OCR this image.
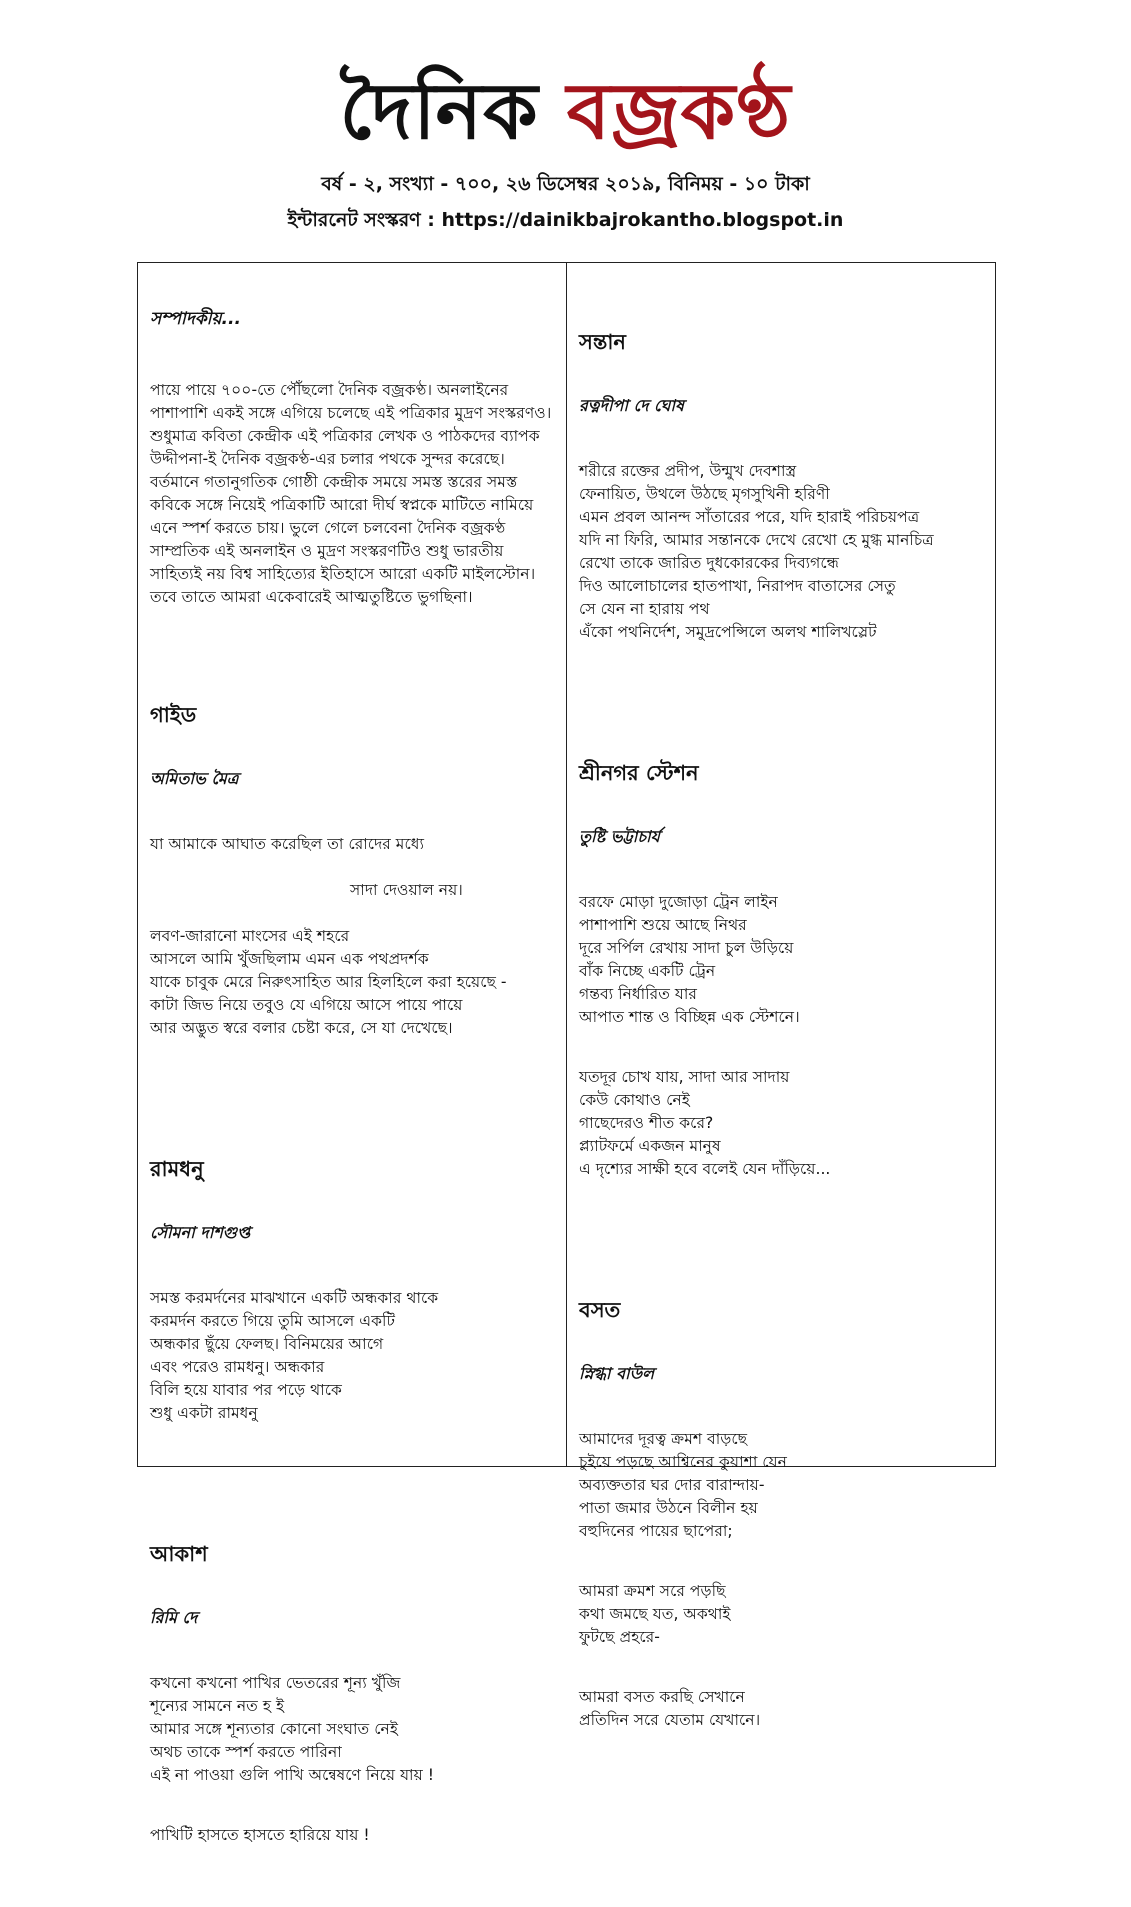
দৈনিক বজ্রকণ্ঠ
বর্ষ - ২, সংখ্যা - ৭০০, ২৬ ডিসেম্বর ২০১৯, বিনিময় - ১০ টাকা
ইন্টারনেট সংস্করণ : https://dainikbajrokantho.blogspot.in

সম্পাদকীয়...

পায়ে পায়ে ৭০০-তে পৌঁছলো দৈনিক বজ্রকণ্ঠ। অনলাইনের পাশাপাশি একই সঙ্গে এগিয়ে চলেছে এই পত্রিকার মুদ্রণ সংস্করণও। শুধুমাত্র কবিতা কেন্দ্রীক এই পত্রিকার লেখক ও পাঠকদের ব্যাপক উদ্দীপনা-ই দৈনিক বজ্রকণ্ঠ-এর চলার পথকে সুন্দর করেছে। বর্তমানে গতানুগতিক গোষ্ঠী কেন্দ্রীক সময়ে সমস্ত স্তরের সমস্ত কবিকে সঙ্গে নিয়েই পত্রিকাটি আরো দীর্ঘ স্বপ্নকে মাটিতে নামিয়ে এনে স্পর্শ করতে চায়। ভুলে গেলে চলবেনা দৈনিক বজ্রকণ্ঠ সাম্প্রতিক এই অনলাইন ও মুদ্রণ সংস্করণটিও শুধু ভারতীয় সাহিত্যই নয় বিশ্ব সাহিত্যের ইতিহাসে আরো একটি মাইলস্টোন। তবে তাতে আমরা একেবারেই আত্মতুষ্টিতে ভুগছিনা।

গাইড

অমিতাভ মৈত্র

যা আমাকে আঘাত করেছিল তা রোদের মধ্যে

সাদা দেওয়াল নয়।

লবণ-জারানো মাংসের এই শহরে
আসলে আমি খুঁজছিলাম এমন এক পথপ্রদর্শক
যাকে চাবুক মেরে নিরুৎসাহিত আর হিলহিলে করা হয়েছে -
কাটা জিভ নিয়ে তবুও যে এগিয়ে আসে পায়ে পায়ে
আর অদ্ভুত স্বরে বলার চেষ্টা করে, সে যা দেখেছে।

রামধনু

সৌমনা দাশগুপ্ত

সমস্ত করমর্দনের মাঝখানে একটি অন্ধকার থাকে
করমর্দন করতে গিয়ে তুমি আসলে একটি
অন্ধকার ছুঁয়ে ফেলছ। বিনিময়ের আগে
এবং পরেও রামধনু। অন্ধকার
বিলি হয়ে যাবার পর পড়ে থাকে
শুধু একটা রামধনু

আকাশ

রিমি দে

কখনো কখনো পাখির ভেতরের শূন্য খুঁজি
শূন্যের সামনে নত হ ই
আমার সঙ্গে শূন্যতার কোনো সংঘাত নেই
অথচ তাকে স্পর্শ করতে পারিনা
এই না পাওয়া গুলি পাখি অন্বেষণে নিয়ে যায় !

পাখিটি হাসতে হাসতে হারিয়ে যায় !

সন্তান

রত্নদীপা দে ঘোষ

শরীরে রক্তের প্রদীপ, উন্মুখ দেবশাস্ত্র
ফেনায়িত, উথলে উঠছে মৃগসুখিনী হরিণী
এমন প্রবল আনন্দ সাঁতারের পরে, যদি হারাই পরিচয়পত্র
যদি না ফিরি, আমার সন্তানকে দেখে রেখো হে মুগ্ধ মানচিত্র
রেখো তাকে জারিত দুধকোরকের দিব্যগন্ধে
দিও আলোচালের হাতপাখা, নিরাপদ বাতাসের সেতু
সে যেন না হারায় পথ
এঁকো পথনির্দেশ, সমুদ্রপেন্সিলে অলথ শালিখস্লেট

শ্রীনগর স্টেশন

তুষ্টি ভট্টাচার্য

বরফে মোড়া দুজোড়া ট্রেন লাইন
পাশাপাশি শুয়ে আছে নিথর
দূরে সর্পিল রেখায় সাদা চুল উড়িয়ে
বাঁক নিচ্ছে একটি ট্রেন
গন্তব্য নির্ধারিত যার
আপাত শান্ত ও বিচ্ছিন্ন এক স্টেশনে।

যতদূর চোখ যায়, সাদা আর সাদায়
কেউ কোথাও নেই
গাছেদেরও শীত করে?
প্ল্যাটফর্মে একজন মানুষ
এ দৃশ্যের সাক্ষী হবে বলেই যেন দাঁড়িয়ে...

বসত

স্নিগ্ধা বাউল

আমাদের দূরত্ব ক্রমশ বাড়ছে
চুইয়ে পড়ছে আশ্বিনের কুয়াশা যেন
অব্যক্ততার ঘর দোর বারান্দায়-
পাতা জমার উঠনে বিলীন হয়
বহুদিনের পায়ের ছাপেরা;

আমরা ক্রমশ সরে পড়ছি
কথা জমছে যত, অকথাই
ফুটছে প্রহরে-

আমরা বসত করছি সেখানে
প্রতিদিন সরে যেতাম যেখানে।
